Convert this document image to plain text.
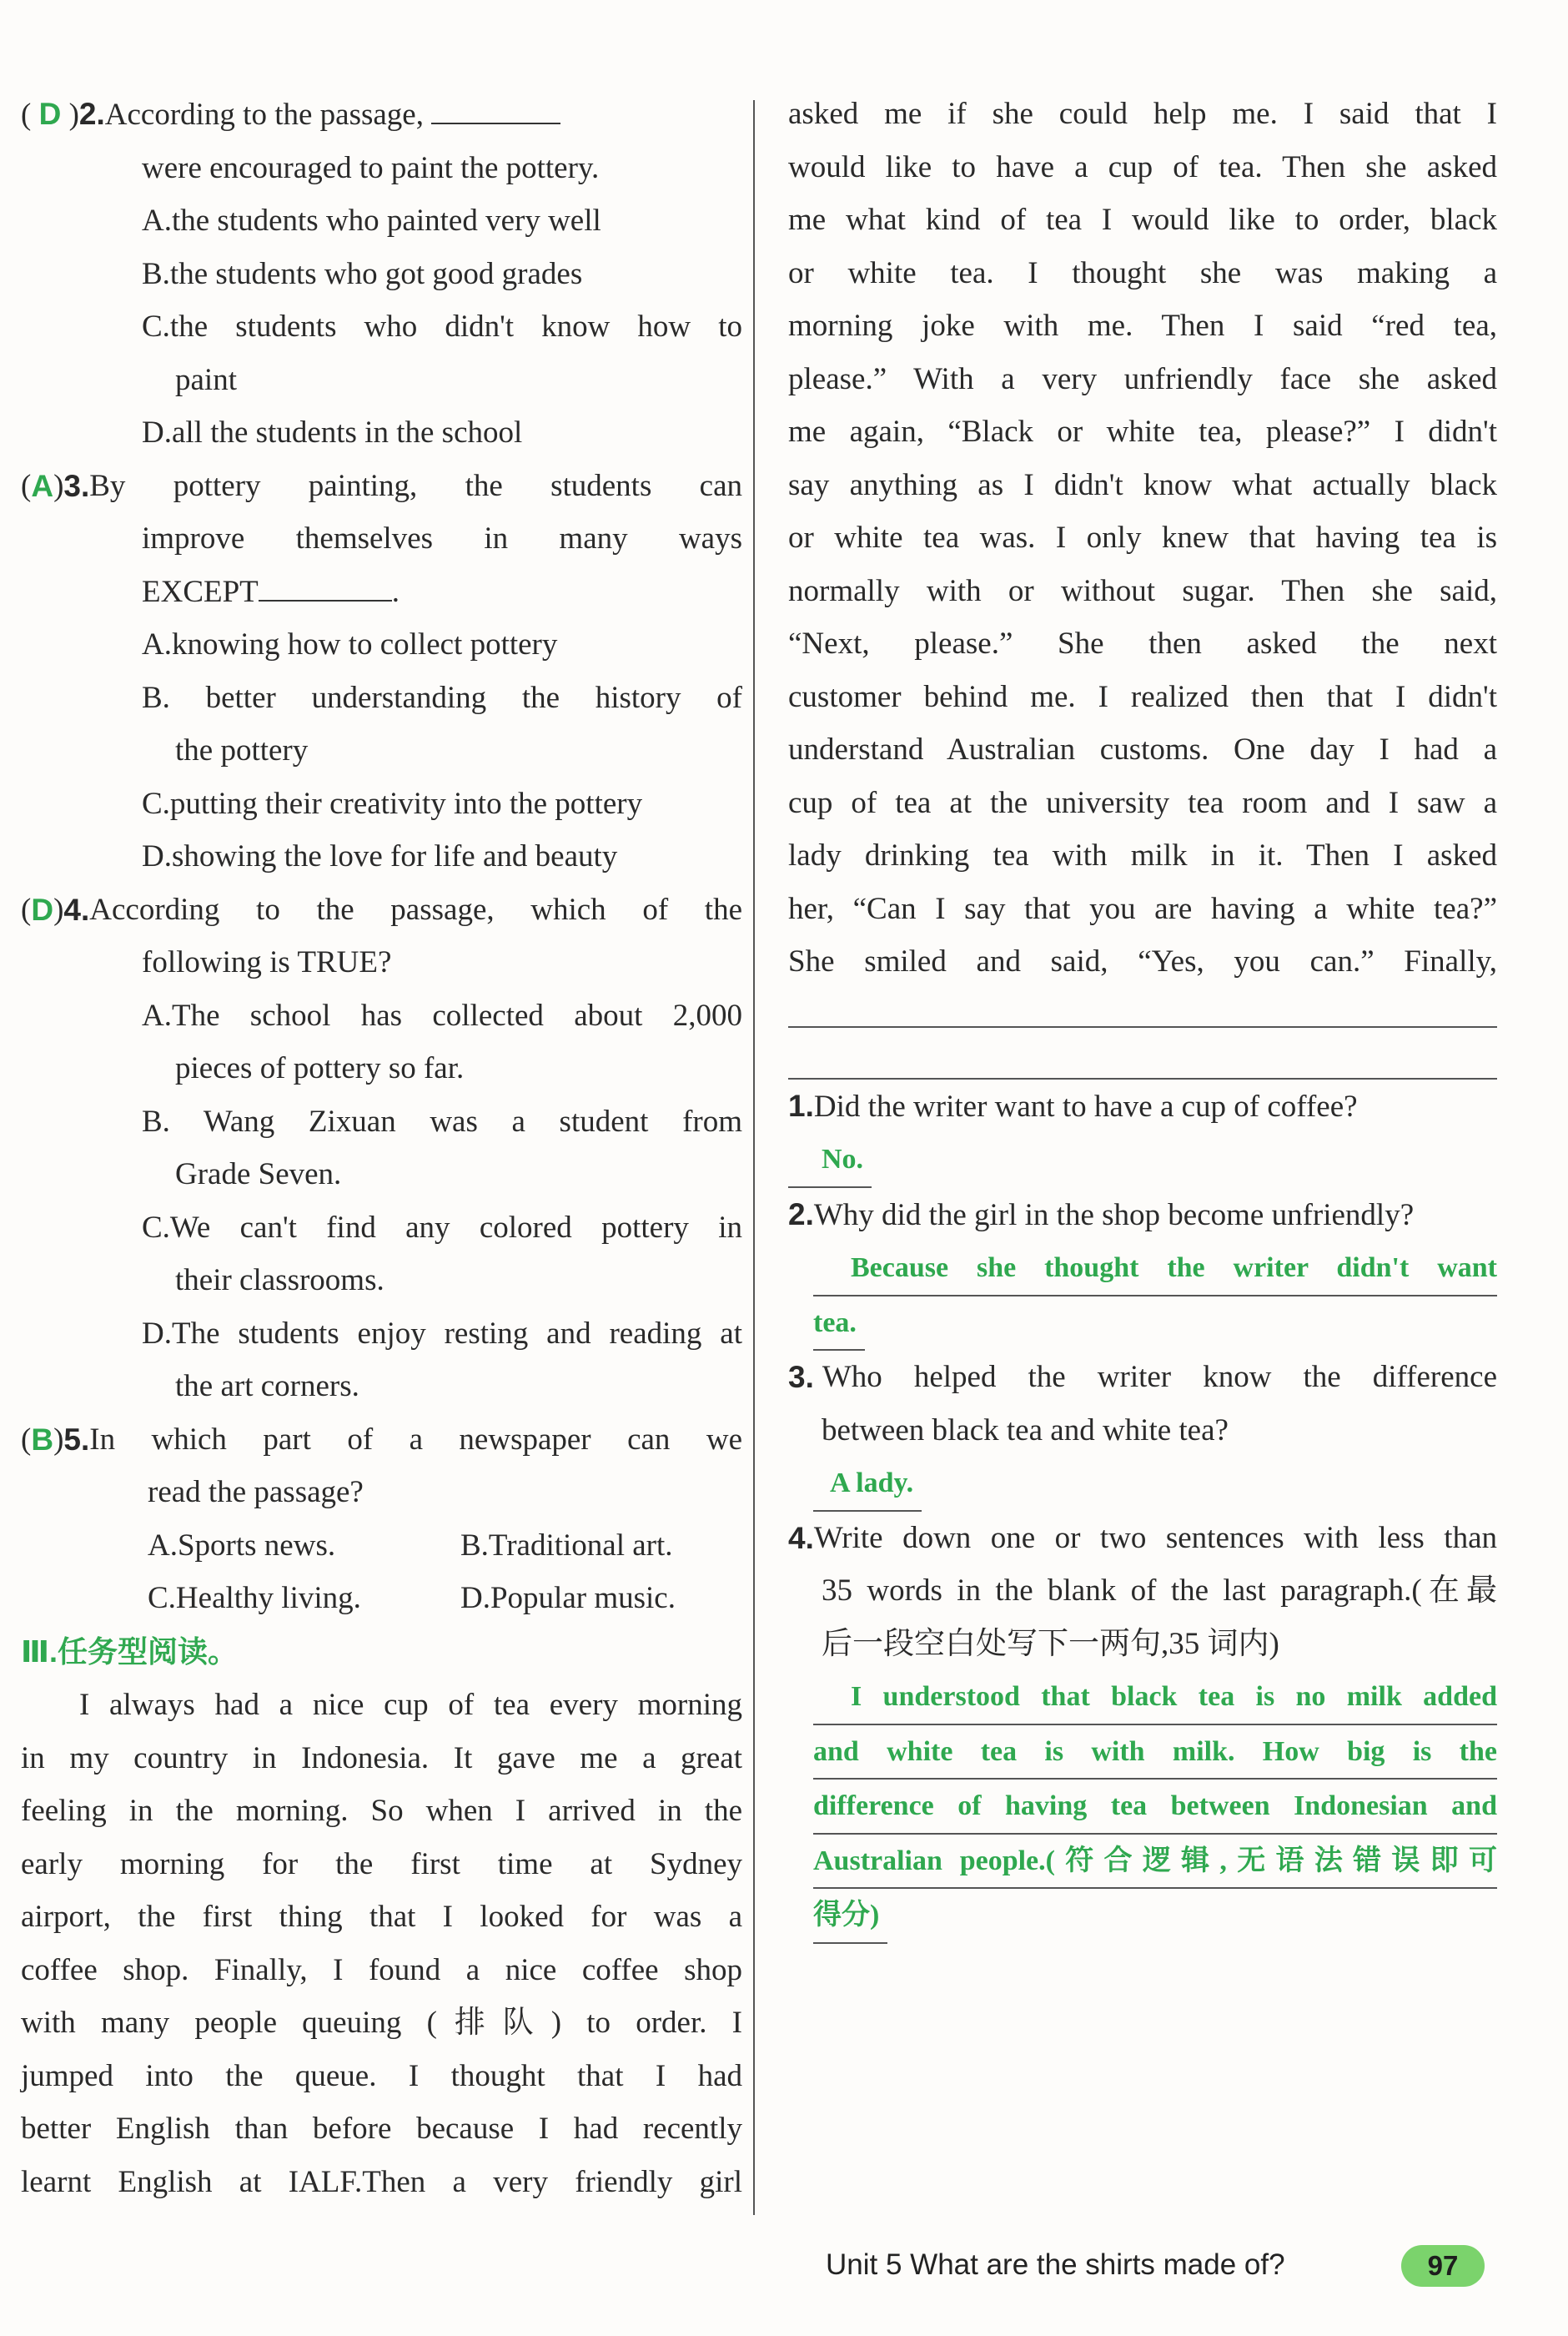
( D )2.According to the passage,
were encouraged to paint the pottery.
A.the students who painted very well
B.the students who got good grades
C.the students who didn't know how to
paint
D.all the students in the school
( A ) 3. By pottery painting, the students can
improve themselves in many ways
EXCEPT	.
A.knowing how to collect pottery
B. better understanding the history of
the pottery
C.putting their creativity into the pottery
D.showing the love for life and beauty
( D ) 4. According to the passage, which of the
following is TRUE?
A.The school has collected about 2,000
pieces of pottery so far.
B. Wang Zixuan was a student from
Grade Seven.
C.We can't find any colored pottery in
their classrooms.
D.The students enjoy resting and reading at
the art corners.
( B ) 5. In which part of a newspaper can we
read the passage?
A.Sports news.	B.Traditional art.
C.Healthy living.	D.Popular music.
Ⅲ.任务型阅读。
I always had a nice cup of tea every morning
in my country in Indonesia. It gave me a great
feeling in the morning. So when I arrived in the
early morning for the first time at Sydney
airport, the first thing that I looked for was a
coffee shop. Finally, I found a nice coffee shop
with many people queuing (排队) to order. I
jumped into the queue. I thought that I had
better English than before because I had recently
learnt English at IALF.Then a very friendly girl
asked me if she could help me. I said that I
would like to have a cup of tea. Then she asked
me what kind of tea I would like to order, black
or white tea. I thought she was making a
morning joke with me. Then I said “red tea,
please.” With a very unfriendly face she asked
me again, “Black or white tea, please?” I didn't
say anything as I didn't know what actually black
or white tea was. I only knew that having tea is
normally with or without sugar. Then she said,
“Next, please.” She then asked the next
customer behind me. I realized then that I didn't
understand Australian customs. One day I had a
cup of tea at the university tea room and I saw a
lady drinking tea with milk in it. Then I asked
her, “Can I say that you are having a white tea?”
She smiled and said, “Yes, you can.” Finally,
1.Did the writer want to have a cup of coffee?
No.
2.Why did the girl in the shop become unfriendly?
Because she thought the writer didn't want
tea.
3. Who helped the writer know the difference
between black tea and white tea?
A lady.
4. Write down one or two sentences with less than
35 words in the blank of the last paragraph.(在最
后一段空白处写下一两句,35 词内)
I understood that black tea is no milk added
and white tea is with milk. How big is the
difference of having tea between Indonesian and
Australian people.(符合逻辑,无语法错误即可
得分)
Unit 5 What are the shirts made of?	97
